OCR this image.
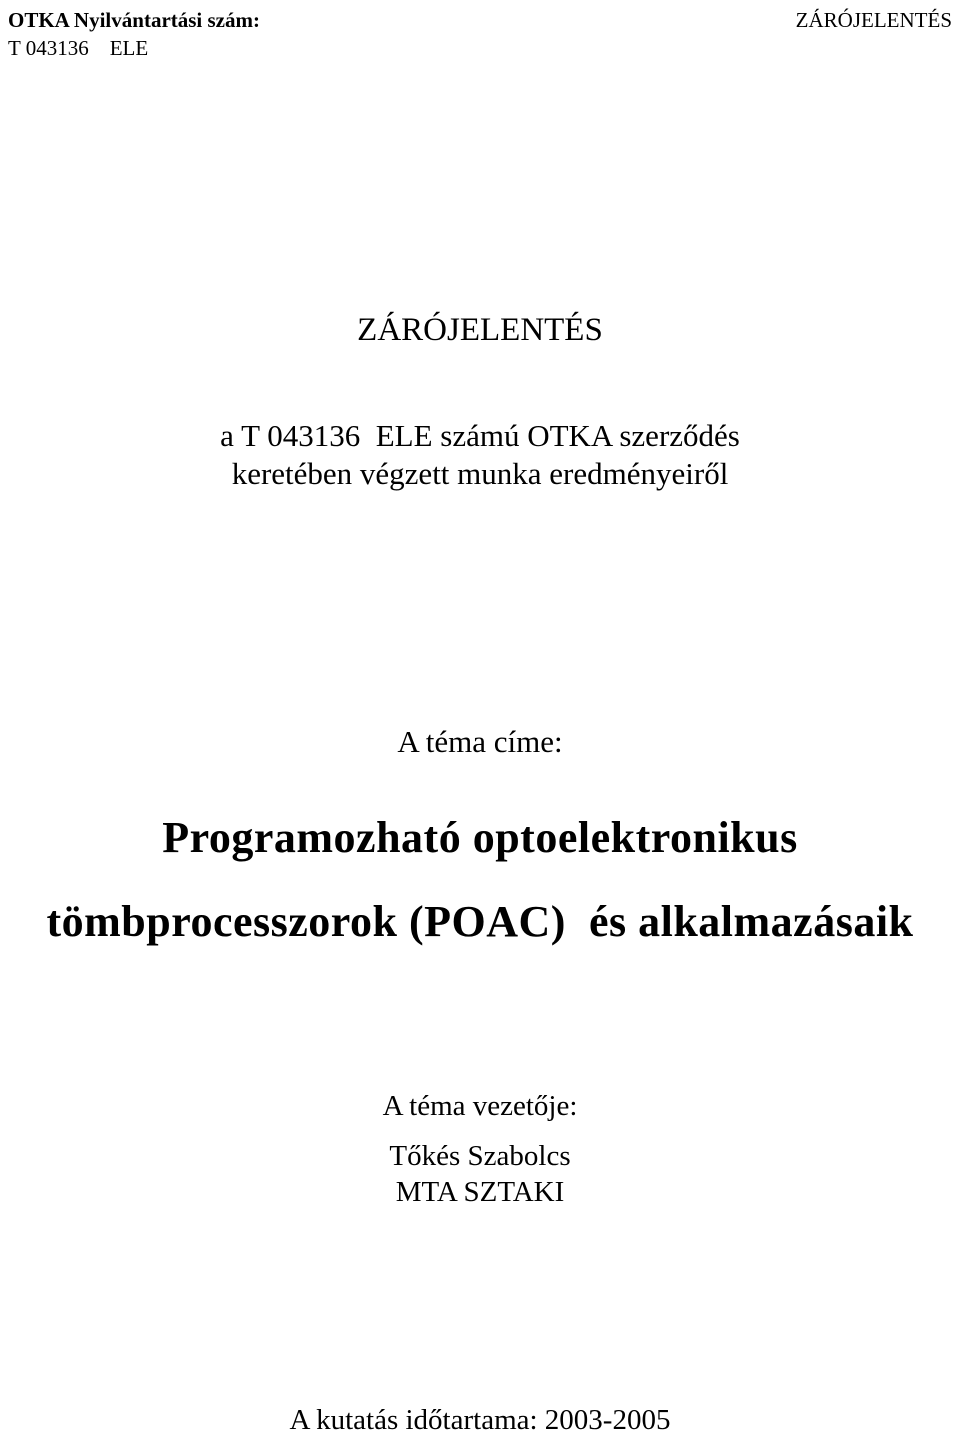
OTKA Nyilvántartási szám:
T 043136    ELE
ZÁRÓJELENTÉS
ZÁRÓJELENTÉS
a T 043136  ELE számú OTKA szerződés
keretében végzett munka eredményeiről
A téma címe:
Programozható optoelektronikus
tömbprocesszorok (POAC)  és alkalmazásaik
A téma vezetője:
Tőkés Szabolcs
MTA SZTAKI
A kutatás időtartama: 2003-2005
